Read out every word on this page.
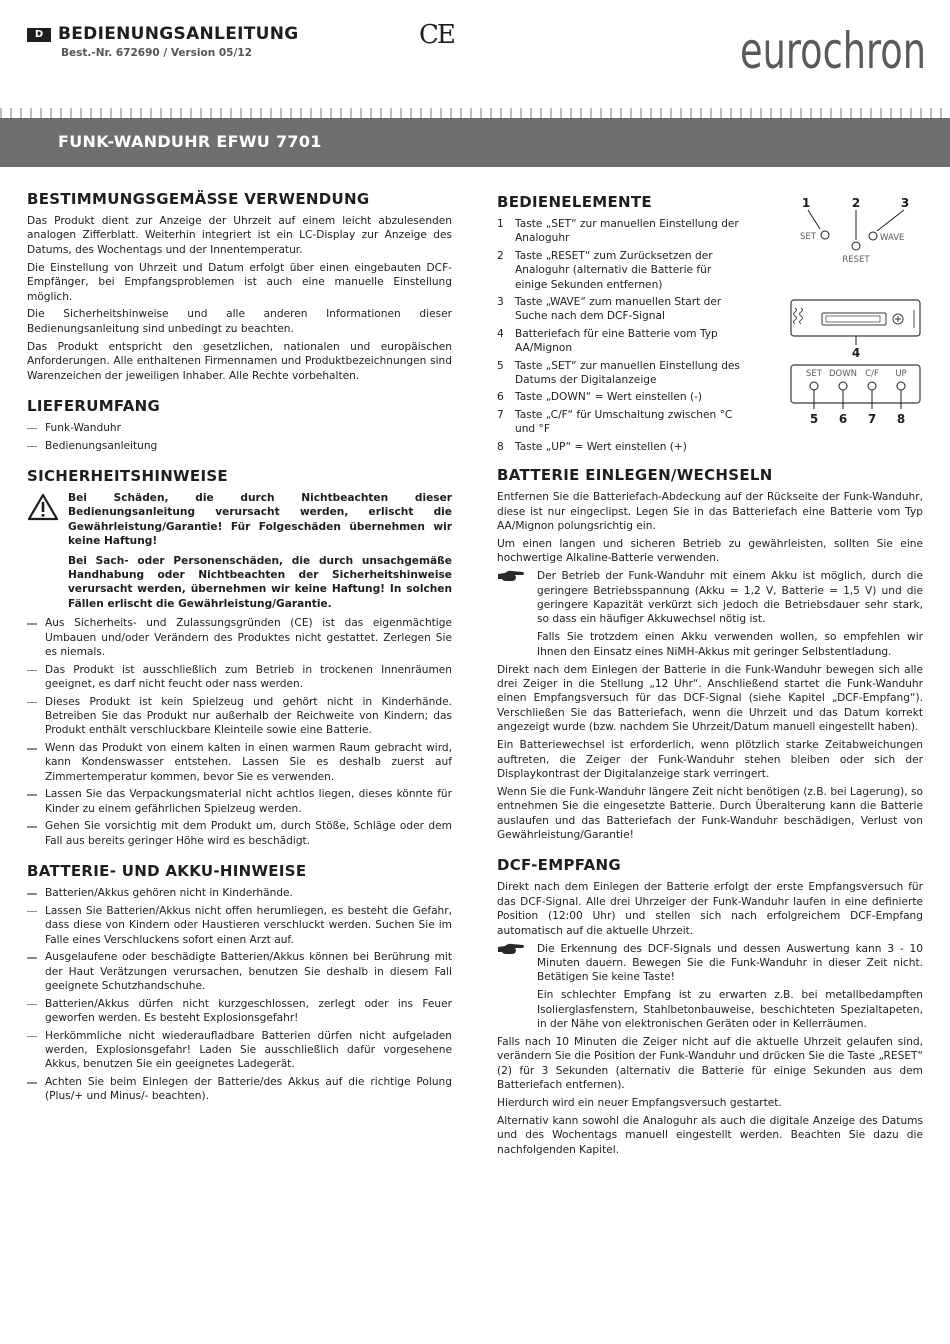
D BEDIENUNGSANLEITUNG
Best.-Nr. 672690 / Version 05/12
CE	eurochron
FUNK-WANDUHR EFWU 7701
BESTIMMUNGSGEMÄSSE VERWENDUNG

Das Produkt dient zur Anzeige der Uhrzeit auf einem leicht abzulesenden analogen Zifferblatt. Weiterhin integriert ist ein LC-Display zur Anzeige des Datums, des Wochentags und der Innentemperatur.

Die Einstellung von Uhrzeit und Datum erfolgt über einen eingebauten DCF-Empfänger, bei Empfangsproblemen ist auch eine manuelle Einstellung möglich.

Die Sicherheitshinweise und alle anderen Informationen dieser Bedienungsanleitung sind unbedingt zu beachten.

Das Produkt entspricht den gesetzlichen, nationalen und europäischen Anforderungen. Alle enthaltenen Firmennamen und Produktbezeichnungen sind Warenzeichen der jeweiligen Inhaber. Alle Rechte vorbehalten.

LIEFERUMFANG
Funk-Wanduhr
Bedienungsanleitung
SICHERHEITSHINWEISE

Bei Schäden, die durch Nichtbeachten dieser Bedienungsanleitung verursacht werden, erlischt die Gewährleistung/Garantie! Für Folgeschäden übernehmen wir keine Haftung!

Bei Sach- oder Personenschäden, die durch unsachgemäße Handhabung oder Nichtbeachten der Sicherheitshinweise verursacht werden, übernehmen wir keine Haftung! In solchen Fällen erlischt die Gewährleistung/Garantie.

Aus Sicherheits- und Zulassungsgründen (CE) ist das eigenmächtige Umbauen und/oder Verändern des Produktes nicht gestattet. Zerlegen Sie es niemals.
Das Produkt ist ausschließlich zum Betrieb in trockenen Innenräumen geeignet, es darf nicht feucht oder nass werden.
Dieses Produkt ist kein Spielzeug und gehört nicht in Kinderhände. Betreiben Sie das Produkt nur außerhalb der Reichweite von Kindern; das Produkt enthält verschluckbare Kleinteile sowie eine Batterie.
Wenn das Produkt von einem kalten in einen warmen Raum gebracht wird, kann Kondenswasser entstehen. Lassen Sie es deshalb zuerst auf Zimmertemperatur kommen, bevor Sie es verwenden.
Lassen Sie das Verpackungsmaterial nicht achtlos liegen, dieses könnte für Kinder zu einem gefährlichen Spielzeug werden.
Gehen Sie vorsichtig mit dem Produkt um, durch Stöße, Schläge oder dem Fall aus bereits geringer Höhe wird es beschädigt.
BATTERIE- UND AKKU-HINWEISE
Batterien/Akkus gehören nicht in Kinderhände.
Lassen Sie Batterien/Akkus nicht offen herumliegen, es besteht die Gefahr, dass diese von Kindern oder Haustieren verschluckt werden. Suchen Sie im Falle eines Verschluckens sofort einen Arzt auf.
Ausgelaufene oder beschädigte Batterien/Akkus können bei Berührung mit der Haut Verätzungen verursachen, benutzen Sie deshalb in diesem Fall geeignete Schutzhandschuhe.
Batterien/Akkus dürfen nicht kurzgeschlossen, zerlegt oder ins Feuer geworfen werden. Es besteht Explosionsgefahr!
Herkömmliche nicht wiederaufladbare Batterien dürfen nicht aufgeladen werden, Explosionsgefahr! Laden Sie ausschließlich dafür vorgesehene Akkus, benutzen Sie ein geeignetes Ladegerät.
Achten Sie beim Einlegen der Batterie/des Akkus auf die richtige Polung (Plus/+ und Minus/- beachten).
BEDIENELEMENTE
1 Taste „SET“ zur manuellen Einstellung der Analoguhr
2 Taste „RESET“ zum Zurücksetzen der Analoguhr (alternativ die Batterie für einige Sekunden entfernen)
3 Taste „WAVE“ zum manuellen Start der Suche nach dem DCF-Signal
4 Batteriefach für eine Batterie vom Typ AA/Mignon
5 Taste „SET“ zur manuellen Einstellung des Datums der Digitalanzeige
6 Taste „DOWN“ = Wert einstellen (-)
7 Taste „C/F“ für Umschaltung zwischen °C und °F
8 Taste „UP“ = Wert einstellen (+)
BATTERIE EINLEGEN/WECHSELN

Entfernen Sie die Batteriefach-Abdeckung auf der Rückseite der Funk-Wanduhr, diese ist nur eingeclipst. Legen Sie in das Batteriefach eine Batterie vom Typ AA/Mignon polungsrichtig ein.

Um einen langen und sicheren Betrieb zu gewährleisten, sollten Sie eine hochwertige Alkaline-Batterie verwenden.

Der Betrieb der Funk-Wanduhr mit einem Akku ist möglich, durch die geringere Betriebsspannung (Akku = 1,2 V, Batterie = 1,5 V) und die geringere Kapazität verkürzt sich jedoch die Betriebsdauer sehr stark, so dass ein häufiger Akkuwechsel nötig ist.

Falls Sie trotzdem einen Akku verwenden wollen, so empfehlen wir Ihnen den Einsatz eines NiMH-Akkus mit geringer Selbstentladung.

Direkt nach dem Einlegen der Batterie in die Funk-Wanduhr bewegen sich alle drei Zeiger in die Stellung „12 Uhr“. Anschließend startet die Funk-Wanduhr einen Empfangsversuch für das DCF-Signal (siehe Kapitel „DCF-Empfang“). Verschließen Sie das Batteriefach, wenn die Uhrzeit und das Datum korrekt angezeigt wurde (bzw. nachdem Sie Uhrzeit/Datum manuell eingestellt haben).

Ein Batteriewechsel ist erforderlich, wenn plötzlich starke Zeitabweichungen auftreten, die Zeiger der Funk-Wanduhr stehen bleiben oder sich der Displaykontrast der Digitalanzeige stark verringert.

Wenn Sie die Funk-Wanduhr längere Zeit nicht benötigen (z.B. bei Lagerung), so entnehmen Sie die eingesetzte Batterie. Durch Überalterung kann die Batterie auslaufen und das Batteriefach der Funk-Wanduhr beschädigen, Verlust von Gewährleistung/Garantie!

DCF-EMPFANG

Direkt nach dem Einlegen der Batterie erfolgt der erste Empfangsversuch für das DCF-Signal. Alle drei Uhrzeiger der Funk-Wanduhr laufen in eine definierte Position (12:00 Uhr) und stellen sich nach erfolgreichem DCF-Empfang automatisch auf die aktuelle Uhrzeit.

Die Erkennung des DCF-Signals und dessen Auswertung kann 3 - 10 Minuten dauern. Bewegen Sie die Funk-Wanduhr in dieser Zeit nicht. Betätigen Sie keine Taste!

Ein schlechter Empfang ist zu erwarten z.B. bei metallbedampften Isolierglasfenstern, Stahlbetonbauweise, beschichteten Spezialtapeten, in der Nähe von elektronischen Geräten oder in Kellerräumen.

Falls nach 10 Minuten die Zeiger nicht auf die aktuelle Uhrzeit gelaufen sind, verändern Sie die Position der Funk-Wanduhr und drücken Sie die Taste „RESET“ (2) für 3 Sekunden (alternativ die Batterie für einige Sekunden aus dem Batteriefach entfernen).

Hierdurch wird ein neuer Empfangsversuch gestartet.

Alternativ kann sowohl die Analoguhr als auch die digitale Anzeige des Datums und des Wochentags manuell eingestellt werden. Beachten Sie dazu die nachfolgenden Kapitel.

1	2	3
SET
RESET
WAVE
4
SET DOWN C/F UP
5 6 7 8
